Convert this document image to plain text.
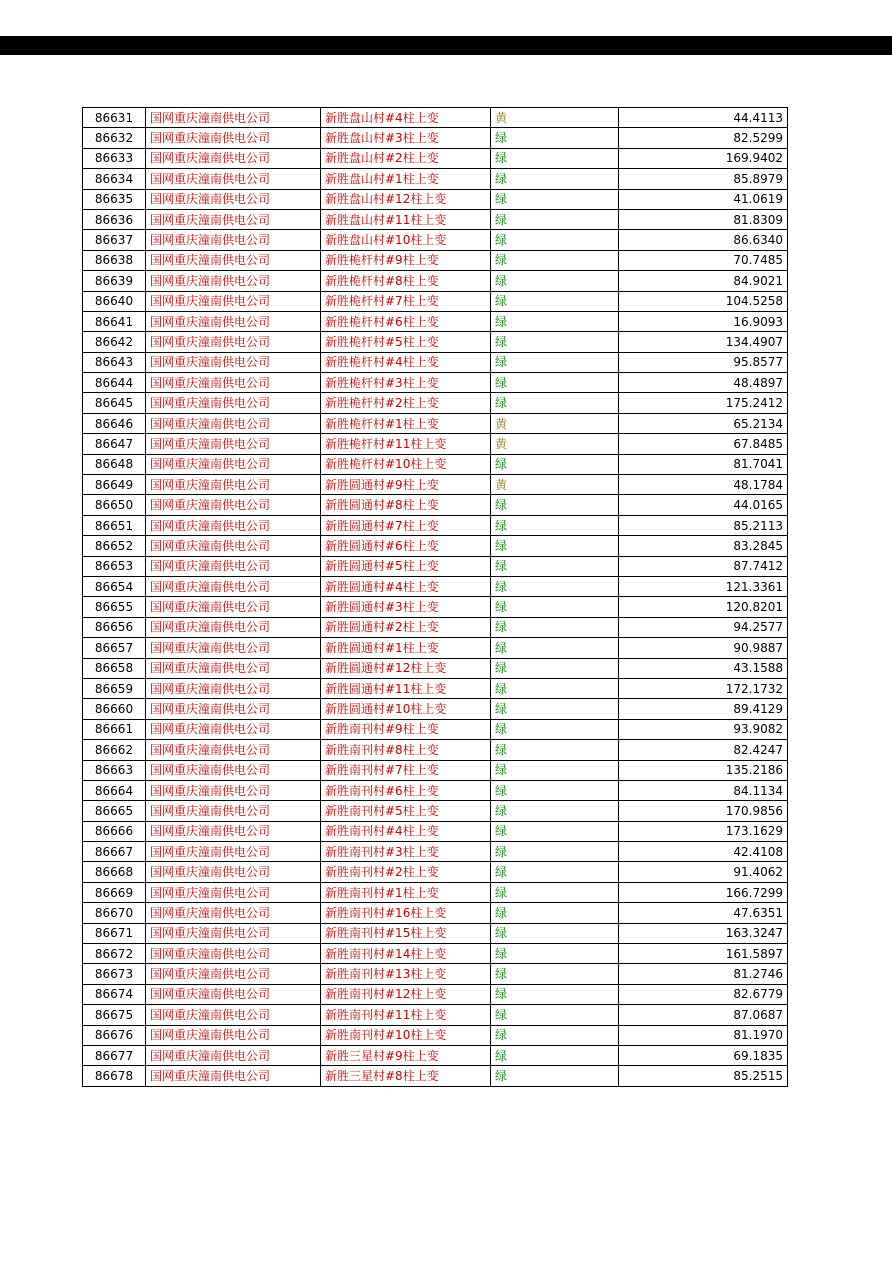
86631	国网重庆潼南供电公司	新胜盘山村#4柱上变	黄	44.4113
86632	国网重庆潼南供电公司	新胜盘山村#3柱上变	绿	82.5299
86633	国网重庆潼南供电公司	新胜盘山村#2柱上变	绿	169.9402
86634	国网重庆潼南供电公司	新胜盘山村#1柱上变	绿	85.8979
86635	国网重庆潼南供电公司	新胜盘山村#12柱上变	绿	41.0619
86636	国网重庆潼南供电公司	新胜盘山村#11柱上变	绿	81.8309
86637	国网重庆潼南供电公司	新胜盘山村#10柱上变	绿	86.6340
86638	国网重庆潼南供电公司	新胜桅杆村#9柱上变	绿	70.7485
86639	国网重庆潼南供电公司	新胜桅杆村#8柱上变	绿	84.9021
86640	国网重庆潼南供电公司	新胜桅杆村#7柱上变	绿	104.5258
86641	国网重庆潼南供电公司	新胜桅杆村#6柱上变	绿	16.9093
86642	国网重庆潼南供电公司	新胜桅杆村#5柱上变	绿	134.4907
86643	国网重庆潼南供电公司	新胜桅杆村#4柱上变	绿	95.8577
86644	国网重庆潼南供电公司	新胜桅杆村#3柱上变	绿	48.4897
86645	国网重庆潼南供电公司	新胜桅杆村#2柱上变	绿	175.2412
86646	国网重庆潼南供电公司	新胜桅杆村#1柱上变	黄	65.2134
86647	国网重庆潼南供电公司	新胜桅杆村#11柱上变	黄	67.8485
86648	国网重庆潼南供电公司	新胜桅杆村#10柱上变	绿	81.7041
86649	国网重庆潼南供电公司	新胜圆通村#9柱上变	黄	48.1784
86650	国网重庆潼南供电公司	新胜圆通村#8柱上变	绿	44.0165
86651	国网重庆潼南供电公司	新胜圆通村#7柱上变	绿	85.2113
86652	国网重庆潼南供电公司	新胜圆通村#6柱上变	绿	83.2845
86653	国网重庆潼南供电公司	新胜圆通村#5柱上变	绿	87.7412
86654	国网重庆潼南供电公司	新胜圆通村#4柱上变	绿	121.3361
86655	国网重庆潼南供电公司	新胜圆通村#3柱上变	绿	120.8201
86656	国网重庆潼南供电公司	新胜圆通村#2柱上变	绿	94.2577
86657	国网重庆潼南供电公司	新胜圆通村#1柱上变	绿	90.9887
86658	国网重庆潼南供电公司	新胜圆通村#12柱上变	绿	43.1588
86659	国网重庆潼南供电公司	新胜圆通村#11柱上变	绿	172.1732
86660	国网重庆潼南供电公司	新胜圆通村#10柱上变	绿	89.4129
86661	国网重庆潼南供电公司	新胜南刊村#9柱上变	绿	93.9082
86662	国网重庆潼南供电公司	新胜南刊村#8柱上变	绿	82.4247
86663	国网重庆潼南供电公司	新胜南刊村#7柱上变	绿	135.2186
86664	国网重庆潼南供电公司	新胜南刊村#6柱上变	绿	84.1134
86665	国网重庆潼南供电公司	新胜南刊村#5柱上变	绿	170.9856
86666	国网重庆潼南供电公司	新胜南刊村#4柱上变	绿	173.1629
86667	国网重庆潼南供电公司	新胜南刊村#3柱上变	绿	42.4108
86668	国网重庆潼南供电公司	新胜南刊村#2柱上变	绿	91.4062
86669	国网重庆潼南供电公司	新胜南刊村#1柱上变	绿	166.7299
86670	国网重庆潼南供电公司	新胜南刊村#16柱上变	绿	47.6351
86671	国网重庆潼南供电公司	新胜南刊村#15柱上变	绿	163.3247
86672	国网重庆潼南供电公司	新胜南刊村#14柱上变	绿	161.5897
86673	国网重庆潼南供电公司	新胜南刊村#13柱上变	绿	81.2746
86674	国网重庆潼南供电公司	新胜南刊村#12柱上变	绿	82.6779
86675	国网重庆潼南供电公司	新胜南刊村#11柱上变	绿	87.0687
86676	国网重庆潼南供电公司	新胜南刊村#10柱上变	绿	81.1970
86677	国网重庆潼南供电公司	新胜三星村#9柱上变	绿	69.1835
86678	国网重庆潼南供电公司	新胜三星村#8柱上变	绿	85.2515
